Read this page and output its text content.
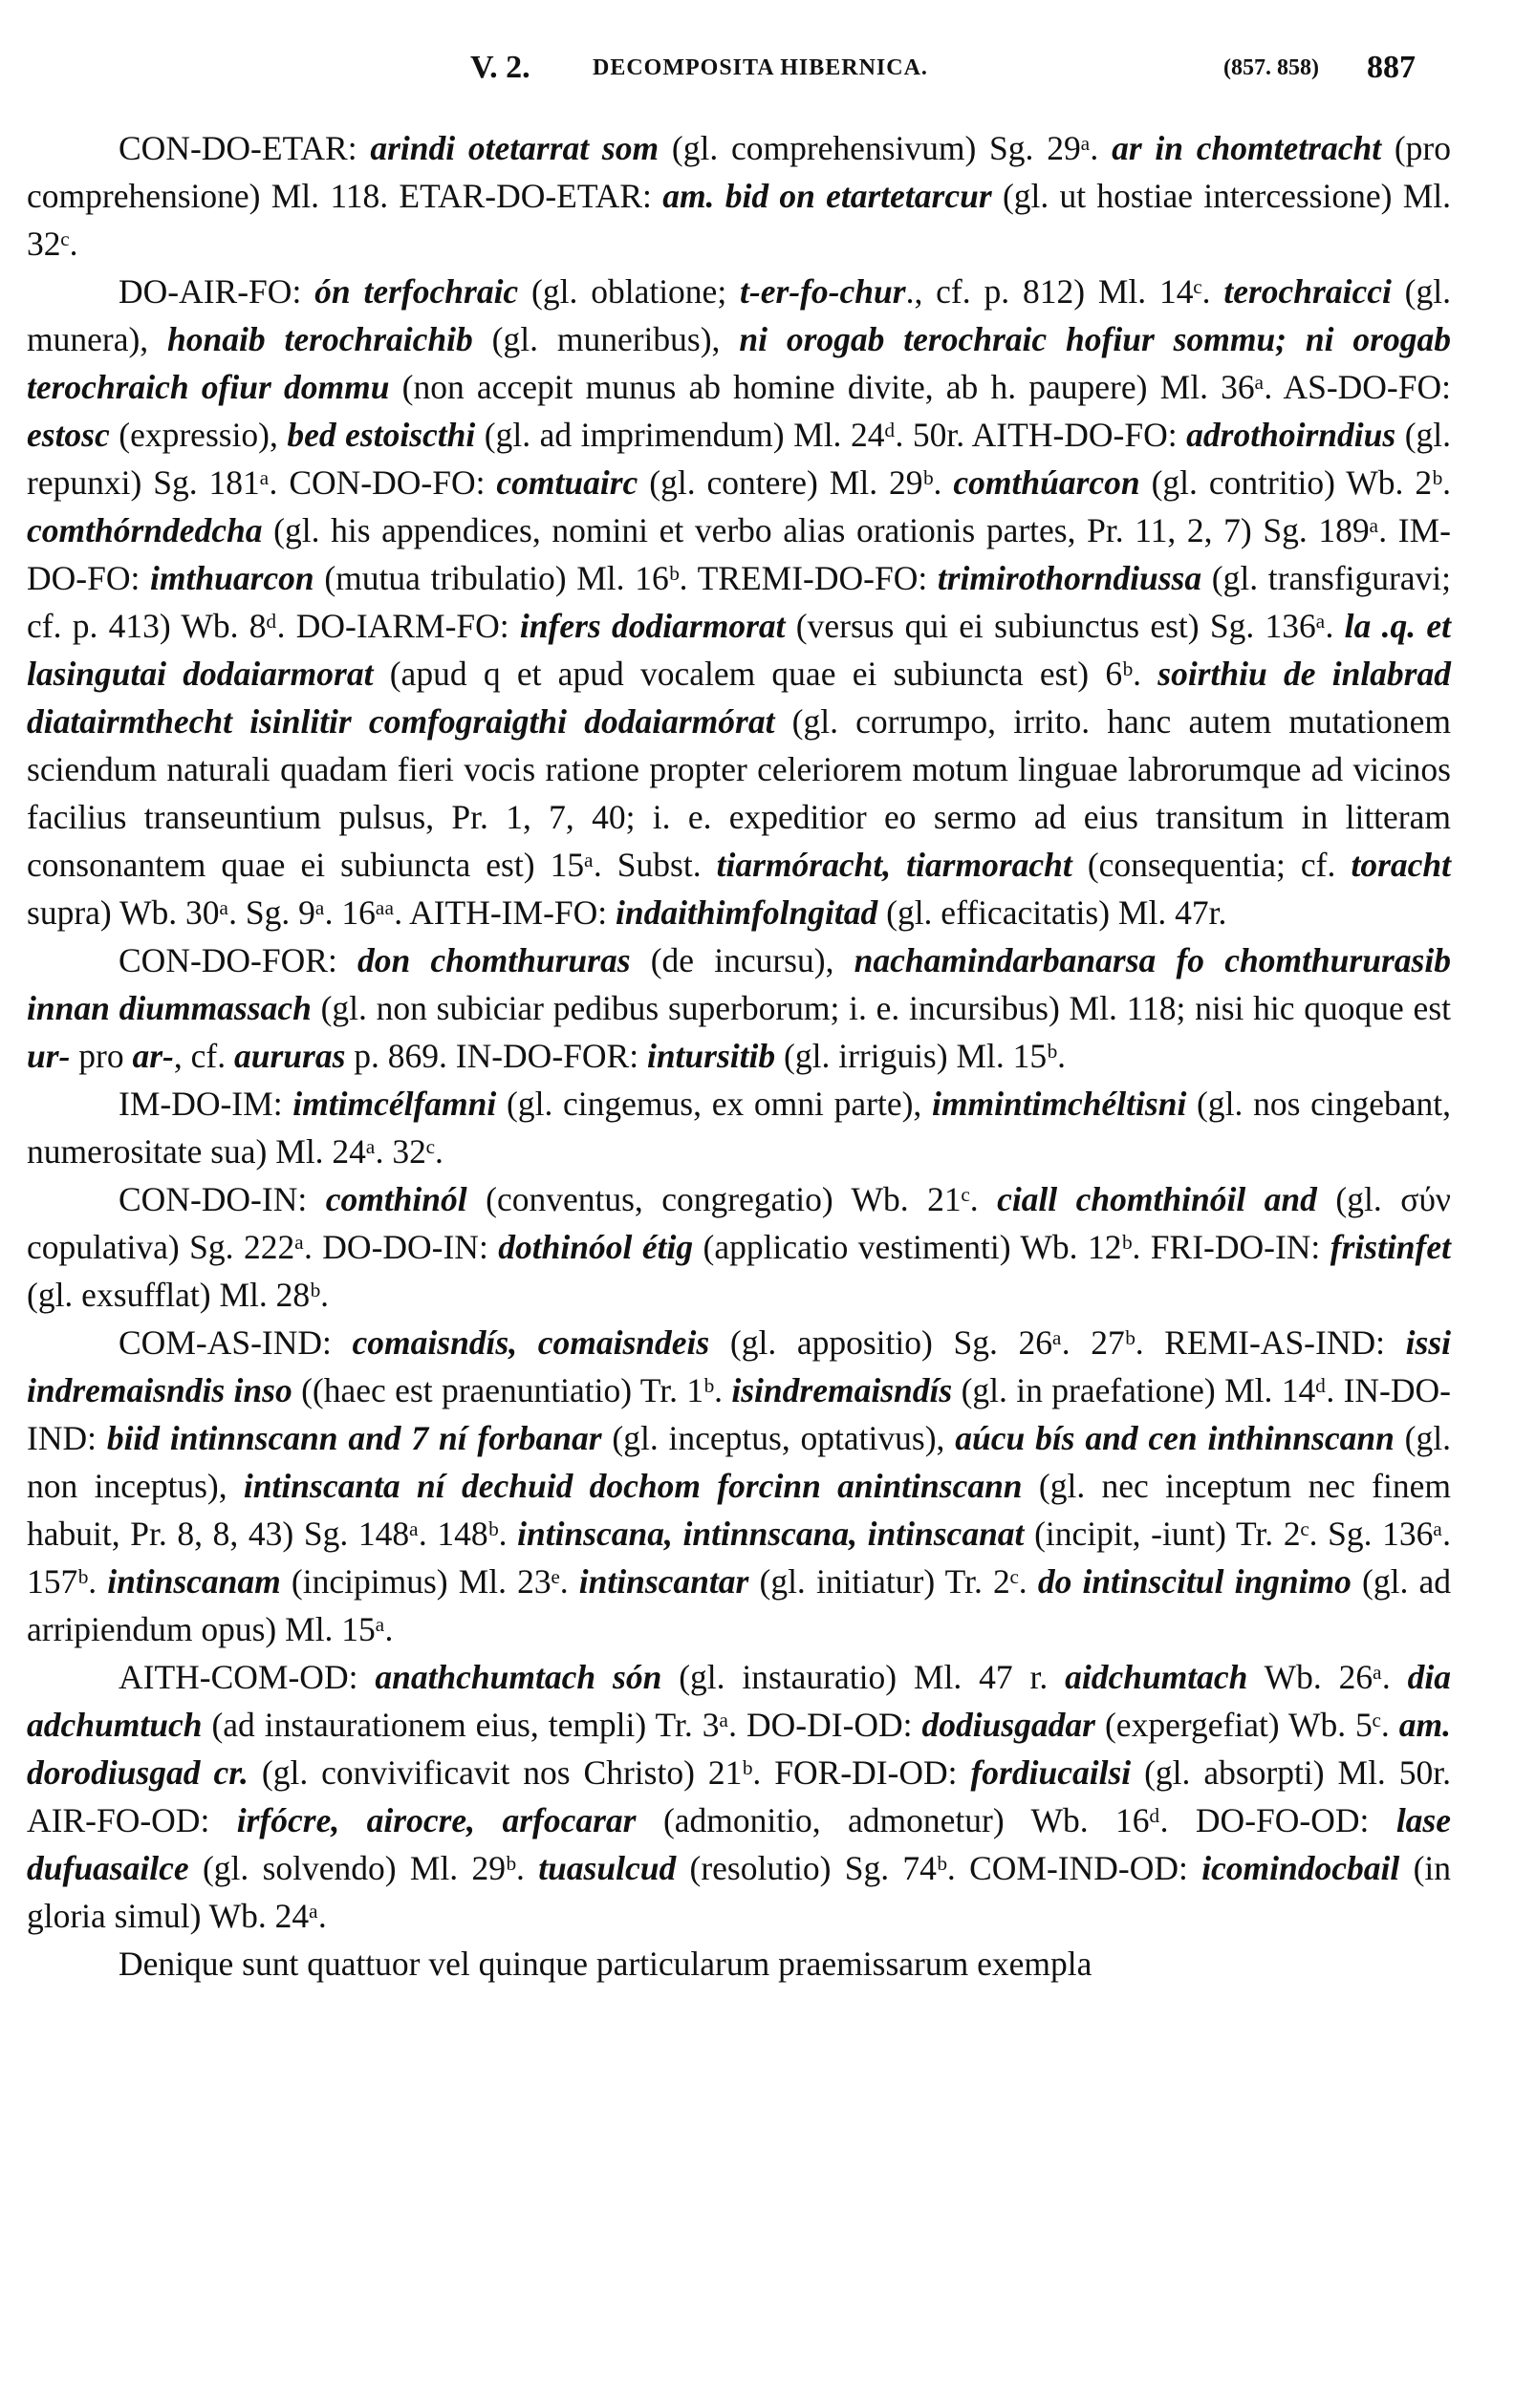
V. 2.	DECOMPOSITA HIBERNICA.	(857. 858) 887

CON-DO-ETAR: arindi otetarrat som (gl. comprehensivum) Sg. 29ᵃ. ar in chomtetracht (pro comprehensione) Ml. 118. ETAR-DO-ETAR: am. bid on etartetarcur (gl. ut hostiae intercessione) Ml. 32ᶜ.

DO-AIR-FO: ón terfochraic (gl. oblatione; t-er-fo-chur., cf. p. 812) Ml. 14ᶜ. terochraicci (gl. munera), honaib terochraichib (gl. muneribus), ni orogab terochraic hofiur sommu; ni orogab terochraich ofiur dommu (non accepit munus ab homine divite, ab h. paupere) Ml. 36ᵃ. AS-DO-FO: estosc (expressio), bed estoiscthi (gl. ad imprimendum) Ml. 24ᵈ. 50r. AITH-DO-FO: adrothoirndius (gl. repunxi) Sg. 181ᵃ. CON-DO-FO: comtuairc (gl. contere) Ml. 29ᵇ. comthúarcon (gl. contritio) Wb. 2ᵇ. comthórndedcha (gl. his appendices, nomini et verbo alias orationis partes, Pr. 11, 2, 7) Sg. 189ᵃ. IM-DO-FO: imthuarcon (mutua tribulatio) Ml. 16ᵇ. TREMI-DO-FO: trimirothorndiussa (gl. transfiguravi; cf. p. 413) Wb. 8ᵈ. DO-IARM-FO: infers dodiarmorat (versus qui ei subiunctus est) Sg. 136ᵃ. la .q. et lasingutai dodaiarmorat (apud q et apud vocalem quae ei subiuncta est) 6ᵇ. soirthiu de inlabrad diatairmthecht isinlitir comfograigthi dodaiarmórat (gl. corrumpo, irrito. hanc autem mutationem sciendum naturali quadam fieri vocis ratione propter celeriorem motum linguae labrorumque ad vicinos facilius transeuntium pulsus, Pr. 1, 7, 40; i. e. expeditior eo sermo ad eius transitum in litteram consonantem quae ei subiuncta est) 15ᵃ. Subst. tiarmóracht, tiarmoracht (consequentia; cf. toracht supra) Wb. 30ᵃ. Sg. 9ᵃ. 16ᵃᵃ. AITH-IM-FO: indaithimfolngitad (gl. efficacitatis) Ml. 47r.

CON-DO-FOR: don chomthururas (de incursu), nachamindarbanarsa fo chomthururasib innan diummassach (gl. non subiciar pedibus superborum; i. e. incursibus) Ml. 118; nisi hic quoque est ur- pro ar-, cf. aururas p. 869. IN-DO-FOR: intursitib (gl. irriguis) Ml. 15ᵇ.

IM-DO-IM: imtimcélfamni (gl. cingemus, ex omni parte), immintimchéltisni (gl. nos cingebant, numerositate sua) Ml. 24ᵃ. 32ᶜ.

CON-DO-IN: comthinól (conventus, congregatio) Wb. 21ᶜ. ciall chomthinóil and (gl. σύν copulativa) Sg. 222ᵃ. DO-DO-IN: dothinóol étig (applicatio vestimenti) Wb. 12ᵇ. FRI-DO-IN: fristinfet (gl. exsufflat) Ml. 28ᵇ.

COM-AS-IND: comaisndís, comaisndeis (gl. appositio) Sg. 26ᵃ. 27ᵇ. REMI-AS-IND: issi indremaisndis inso ((haec est praenuntiatio) Tr. 1ᵇ. isindremaisndís (gl. in praefatione) Ml. 14ᵈ. IN-DO-IND: biid intinnscann and 7 ní forbanar (gl. inceptus, optativus), aúcu bís and cen inthinnscann (gl. non inceptus), intinscanta ní dechuid dochom forcinn anintinscann (gl. nec inceptum nec finem habuit, Pr. 8, 8, 43) Sg. 148ᵃ. 148ᵇ. intinscana, intinnscana, intinscanat (incipit, -iunt) Tr. 2ᶜ. Sg. 136ᵃ. 157ᵇ. intinscanam (incipimus) Ml. 23ᵉ. intinscantar (gl. initiatur) Tr. 2ᶜ. do intinscitul ingnimo (gl. ad arripiendum opus) Ml. 15ᵃ.

AITH-COM-OD: anathchumtach són (gl. instauratio) Ml. 47 r. aidchumtach Wb. 26ᵃ. dia adchumtuch (ad instaurationem eius, templi) Tr. 3ᵃ. DO-DI-OD: dodiusgadar (expergefiat) Wb. 5ᶜ. am. dorodiusgad cr. (gl. convivificavit nos Christo) 21ᵇ. FOR-DI-OD: fordiucailsi (gl. absorpti) Ml. 50r. AIR-FO-OD: irfócre, airocre, arfocarar (admonitio, admonetur) Wb. 16ᵈ. DO-FO-OD: lase dufuasailce (gl. solvendo) Ml. 29ᵇ. tuasulcud (resolutio) Sg. 74ᵇ. COM-IND-OD: icomindocbail (in gloria simul) Wb. 24ᵃ.

Denique sunt quattuor vel quinque particularum praemissarum exempla
